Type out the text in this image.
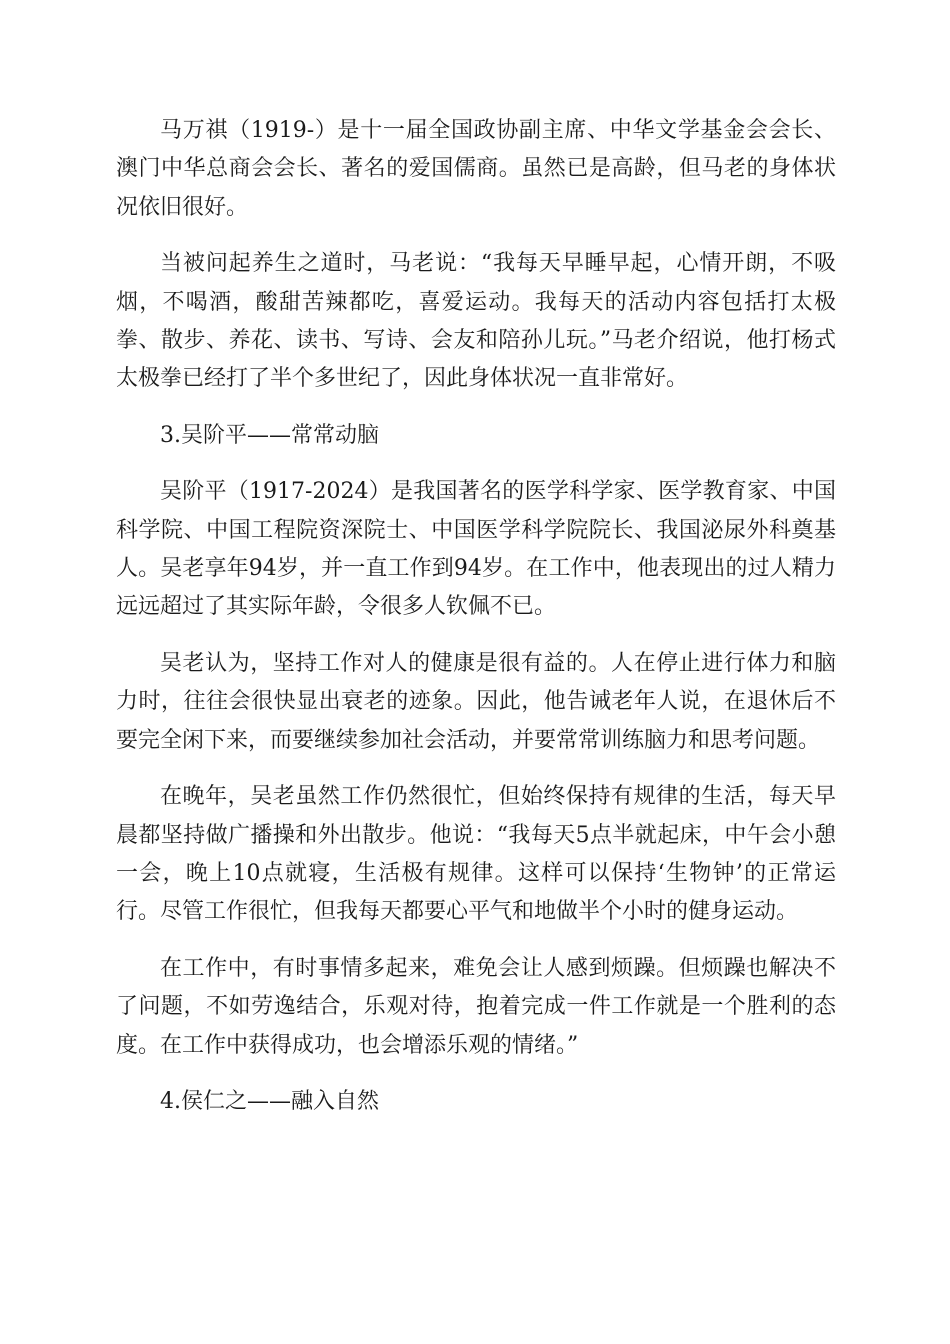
马万祺（1919-）是十一届全国政协副主席、中华文学基金会会长、澳门中华总商会会长、著名的爱国儒商。虽然已是高龄，但马老的身体状况依旧很好。

当被问起养生之道时，马老说：“我每天早睡早起，心情开朗，不吸烟，不喝酒，酸甜苦辣都吃，喜爱运动。我每天的活动内容包括打太极拳、散步、养花、读书、写诗、会友和陪孙儿玩。”马老介绍说，他打杨式太极拳已经打了半个多世纪了，因此身体状况一直非常好。

3.吴阶平——常常动脑

吴阶平（1917-2024）是我国著名的医学科学家、医学教育家、中国科学院、中国工程院资深院士、中国医学科学院院长、我国泌尿外科奠基人。吴老享年94岁，并一直工作到94岁。在工作中，他表现出的过人精力远远超过了其实际年龄，令很多人钦佩不已。

吴老认为，坚持工作对人的健康是很有益的。人在停止进行体力和脑力时，往往会很快显出衰老的迹象。因此，他告诫老年人说，在退休后不要完全闲下来，而要继续参加社会活动，并要常常训练脑力和思考问题。

在晚年，吴老虽然工作仍然很忙，但始终保持有规律的生活，每天早晨都坚持做广播操和外出散步。他说：“我每天5点半就起床，中午会小憩一会，晚上10点就寝，生活极有规律。这样可以保持‘生物钟’的正常运行。尽管工作很忙，但我每天都要心平气和地做半个小时的健身运动。

在工作中，有时事情多起来，难免会让人感到烦躁。但烦躁也解决不了问题，不如劳逸结合，乐观对待，抱着完成一件工作就是一个胜利的态度。在工作中获得成功，也会增添乐观的情绪。”

4.侯仁之——融入自然
